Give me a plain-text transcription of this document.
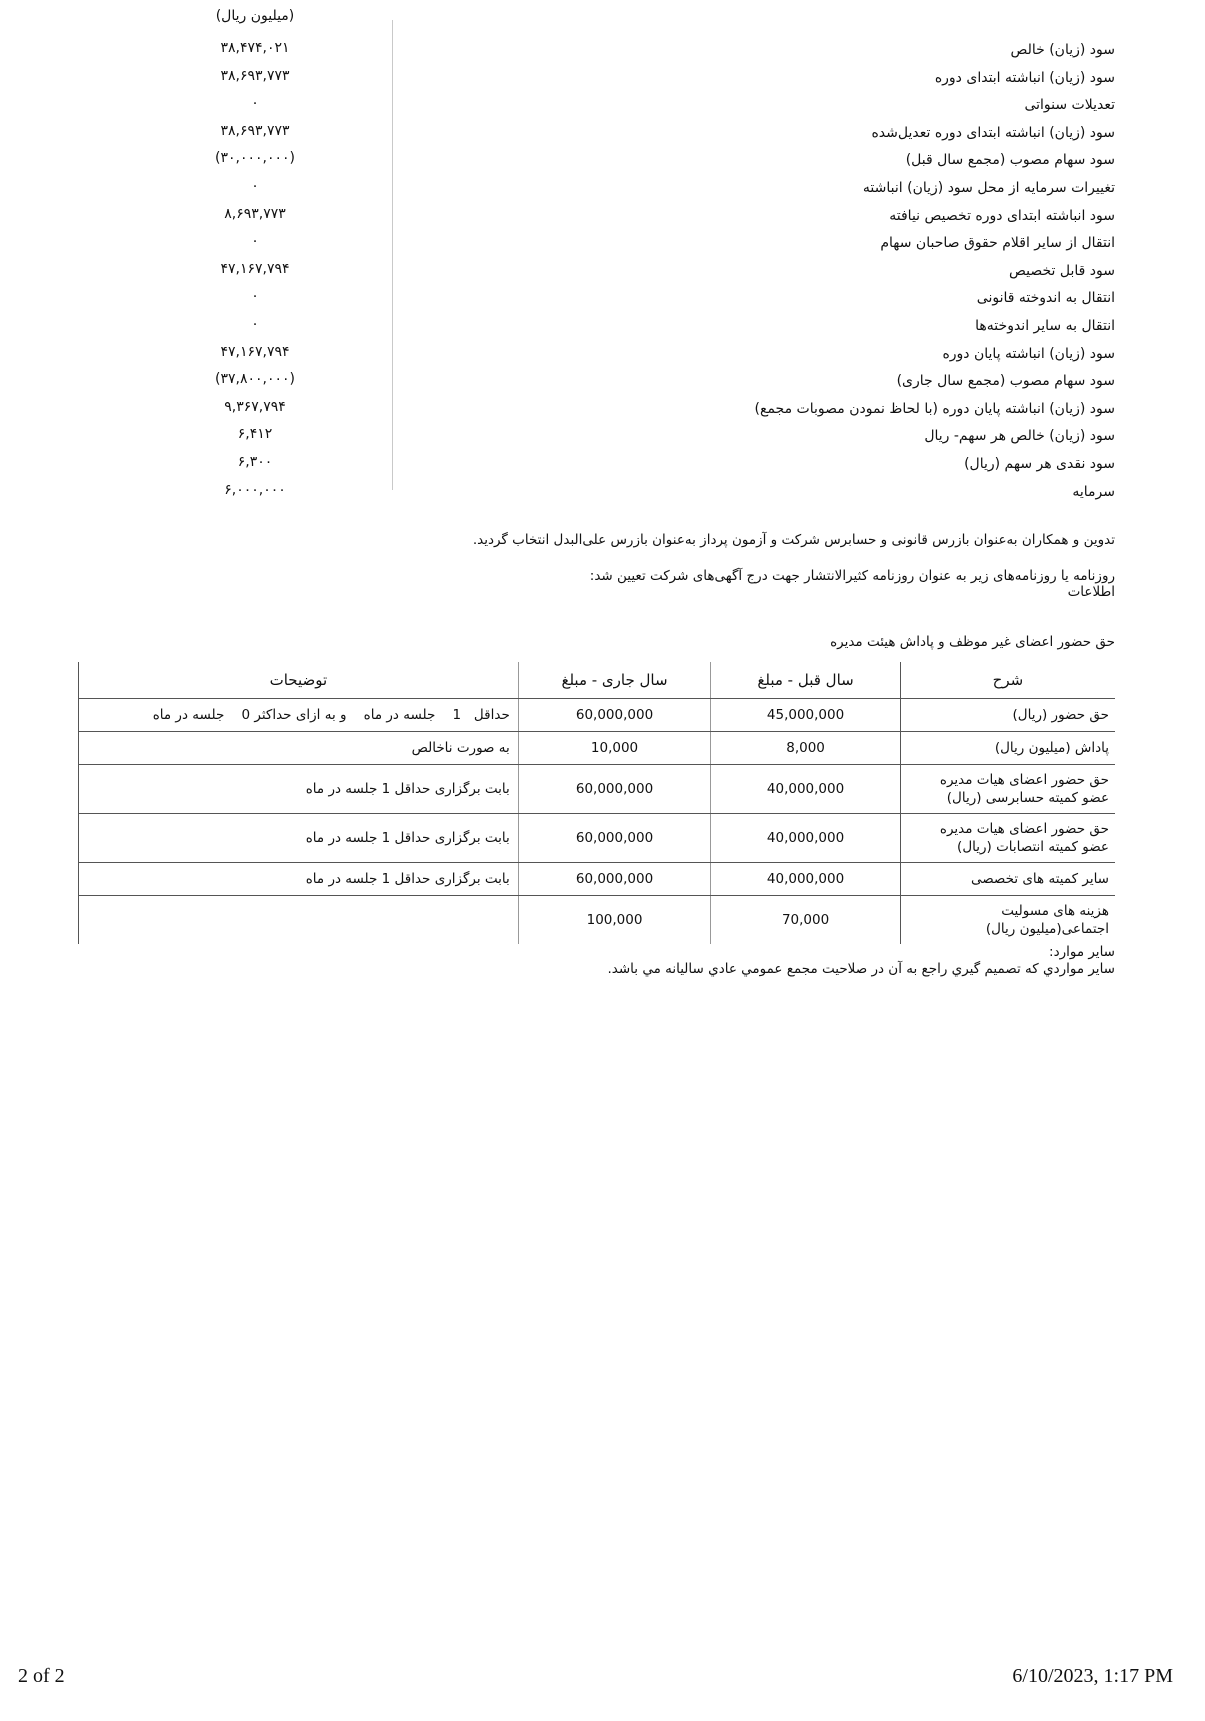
(میلیون ریال)
سود (زیان) خالص
۳۸,۴۷۴,۰۲۱
سود (زیان) انباشته ابتدای دوره
۳۸,۶۹۳,۷۷۳
تعدیلات سنواتی
۰
سود (زیان) انباشته ابتدای دوره تعدیل‌شده
۳۸,۶۹۳,۷۷۳
سود سهام مصوب (مجمع سال قبل)
(۳۰,۰۰۰,۰۰۰)
تغییرات سرمایه از محل سود (زیان) انباشته
۰
سود انباشته ابتدای دوره تخصیص نیافته
۸,۶۹۳,۷۷۳
انتقال از سایر اقلام حقوق صاحبان سهام
۰
سود قابل تخصیص
۴۷,۱۶۷,۷۹۴
انتقال به اندوخته قانونی
۰
انتقال به سایر اندوخته‌ها
۰
سود (زیان) انباشته پایان دوره
۴۷,۱۶۷,۷۹۴
سود سهام مصوب (مجمع سال جاری)
(۳۷,۸۰۰,۰۰۰)
سود (زیان) انباشته پایان دوره (با لحاظ نمودن مصوبات مجمع)
۹,۳۶۷,۷۹۴
سود (زیان) خالص هر سهم- ریال
۶,۴۱۲
سود نقدی هر سهم (ریال)
۶,۳۰۰
سرمایه
۶,۰۰۰,۰۰۰
تدوین و همکاران به‌عنوان بازرس قانونی و حسابرس شرکت و آزمون پرداز به‌عنوان بازرس علی‌البدل انتخاب گردید.
روزنامه یا روزنامه‌های زیر به عنوان روزنامه کثیرالانتشار جهت درج آگهی‌های شرکت تعیین شد:
اطلاعات
حق حضور اعضای غیر موظف و پاداش هیئت مدیره
شرح	سال قبل - مبلغ	سال جاری - مبلغ	توضیحات
حق حضور (ریال)	45,000,000	60,000,000	حداقل   1    جلسه در ماه    و به ازای حداکثر 0    جلسه در ماه
پاداش (میلیون ریال)	8,000	10,000	به صورت ناخالص
حق حضور اعضای هیات مدیره
عضو کمیته حسابرسی (ریال)	40,000,000	60,000,000	بابت برگزاری حداقل 1 جلسه در ماه
حق حضور اعضای هیات مدیره
عضو کمیته انتصابات (ریال)	40,000,000	60,000,000	بابت برگزاری حداقل 1 جلسه در ماه
سایر کمیته های تخصصی	40,000,000	60,000,000	بابت برگزاری حداقل 1 جلسه در ماه
هزینه های مسولیت
اجتماعی(میلیون ریال)	70,000	100,000	
سایر موارد:
ساير مواردي که تصميم گيري راجع به آن در صلاحيت مجمع عمومي عادي ساليانه مي باشد.
2 of 2	6/10/2023, 1:17 PM
